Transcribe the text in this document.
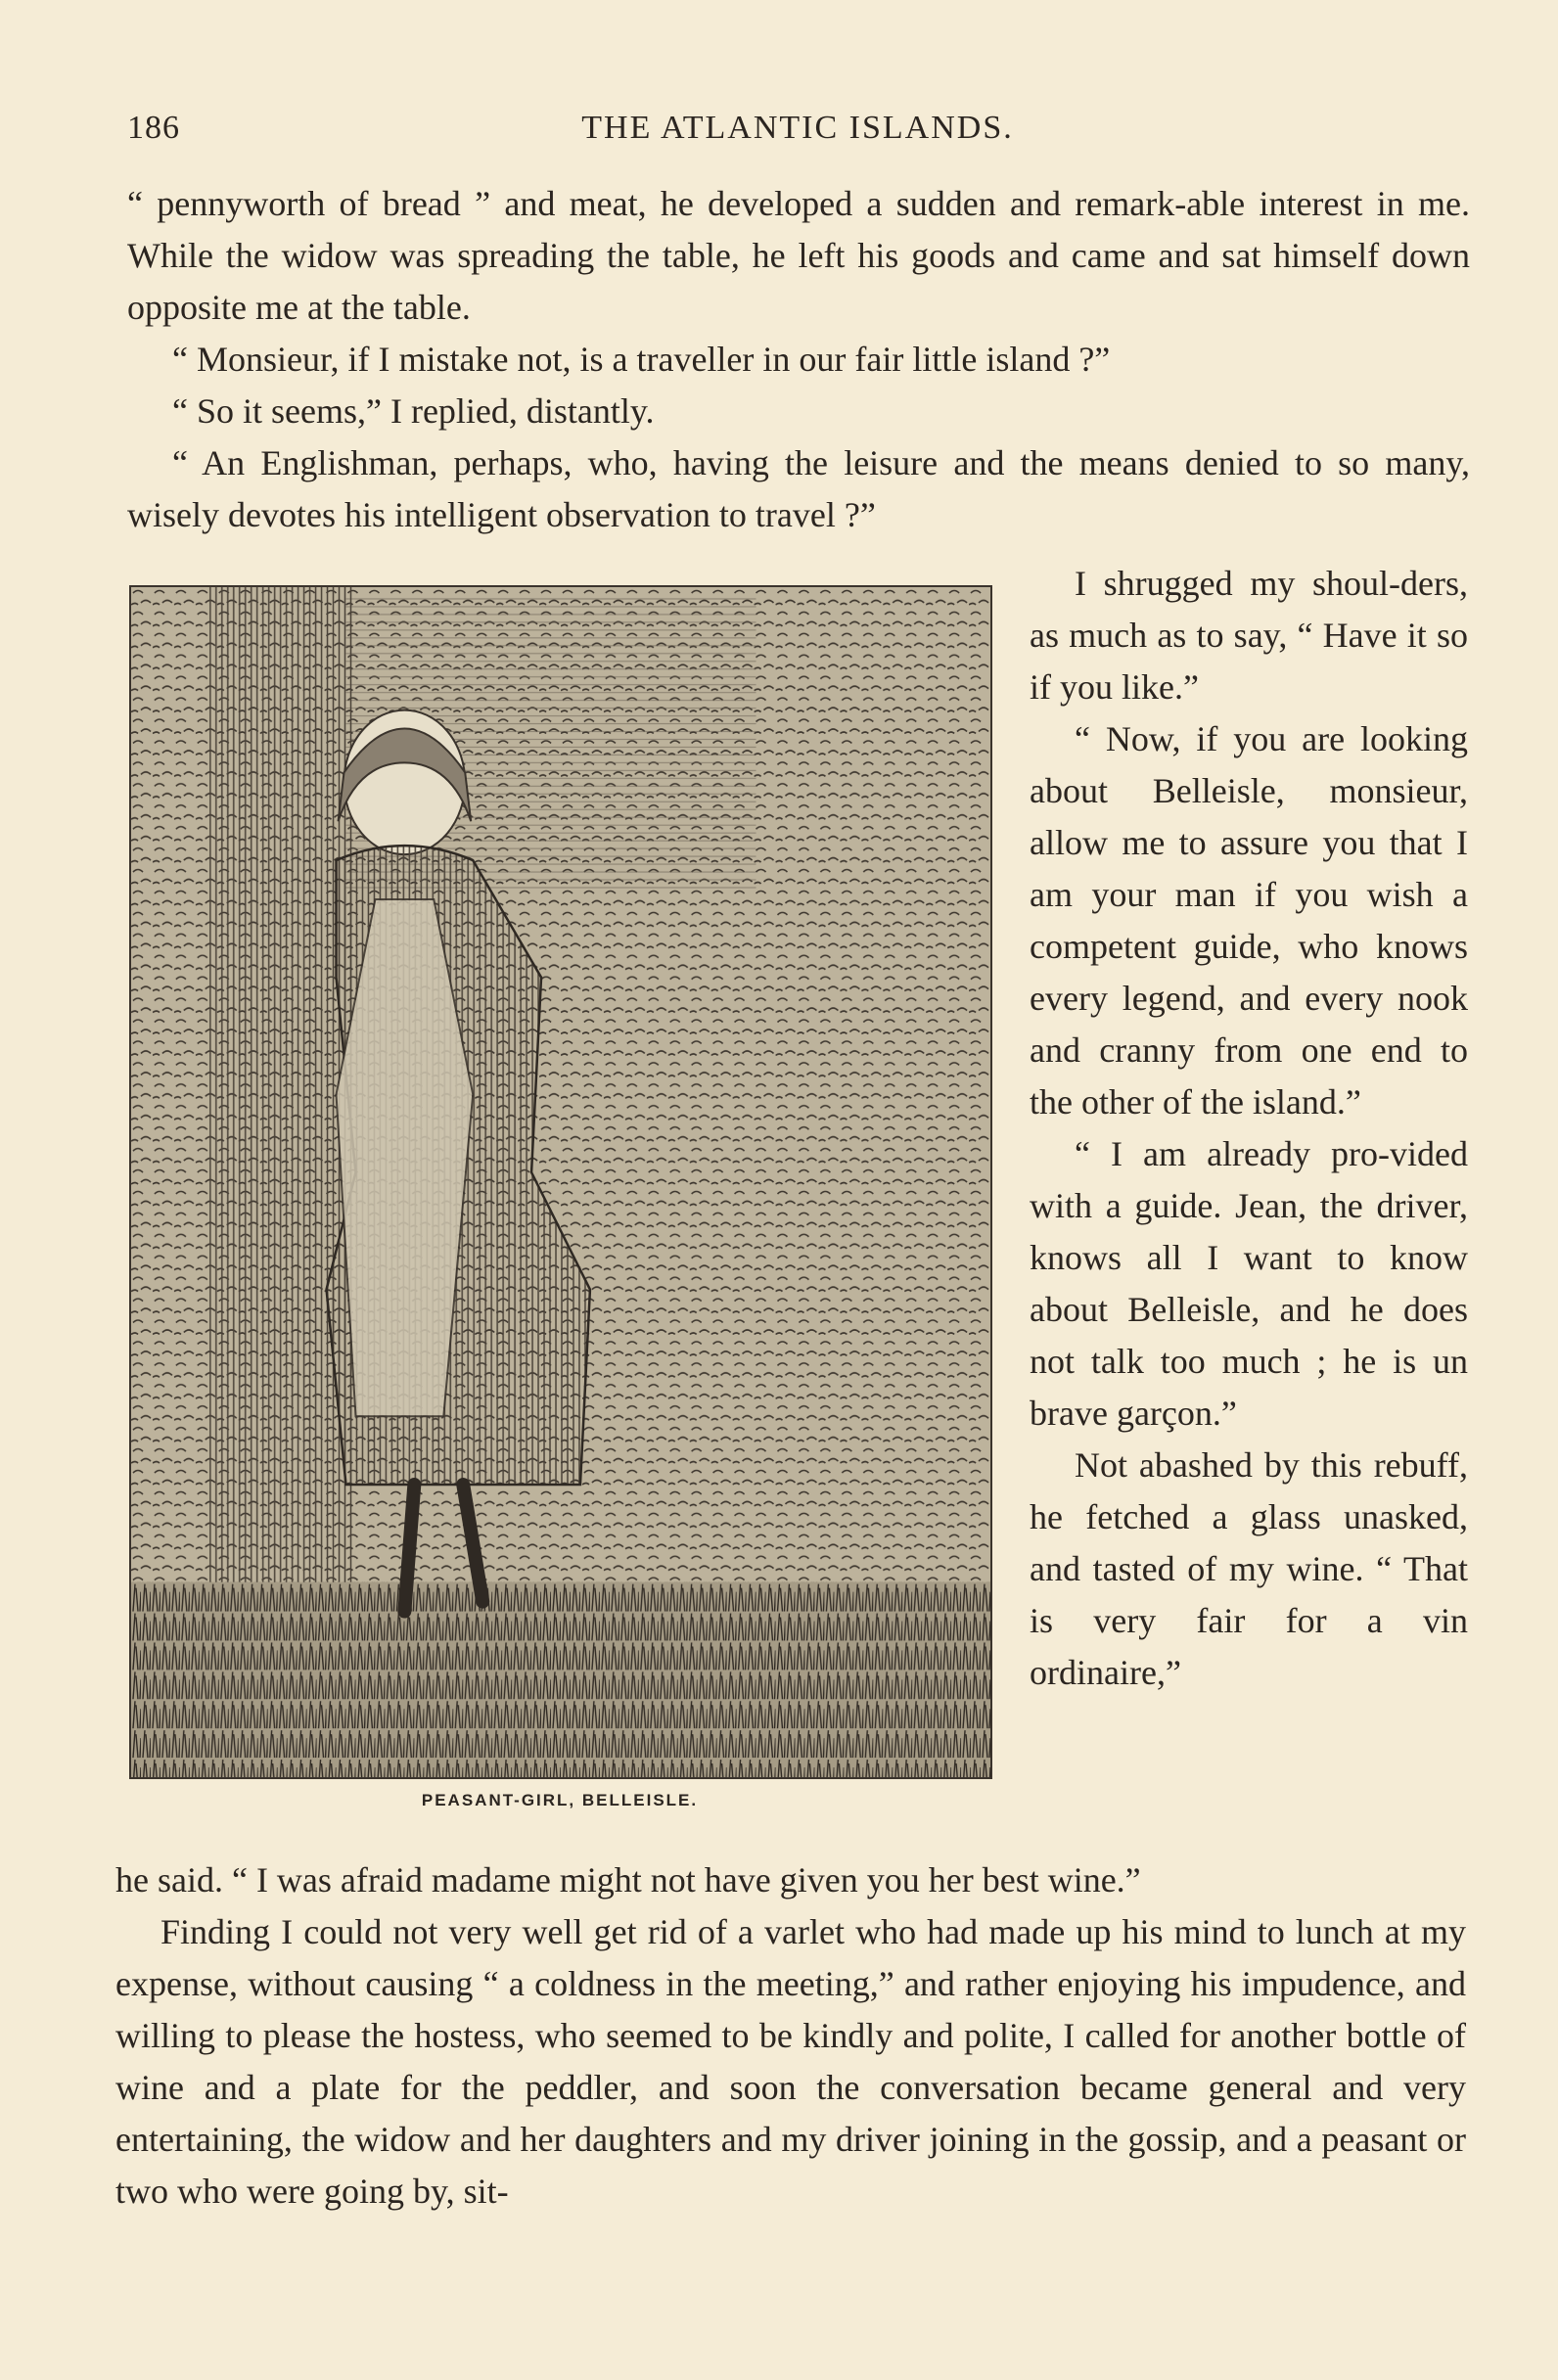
186	THE ATLANTIC ISLANDS.

“ pennyworth of bread ” and meat, he developed a sudden and remark-able interest in me. While the widow was spreading the table, he left his goods and came and sat himself down opposite me at the table.

“ Monsieur, if I mistake not, is a traveller in our fair little island ?”

“ So it seems,” I replied, distantly.

“ An Englishman, perhaps, who, having the leisure and the means denied to so many, wisely devotes his intelligent observation to travel ?”

PEASANT-GIRL, BELLEISLE.

I shrugged my shoul-ders, as much as to say, “ Have it so if you like.”

“ Now, if you are looking about Belleisle, monsieur, allow me to assure you that I am your man if you wish a competent guide, who knows every legend, and every nook and cranny from one end to the other of the island.”

“ I am already pro-vided with a guide. Jean, the driver, knows all I want to know about Belleisle, and he does not talk too much ; he is un brave garçon.”

Not abashed by this rebuff, he fetched a glass unasked, and tasted of my wine. “ That is very fair for a vin ordinaire,”

he said. “ I was afraid madame might not have given you her best wine.”

Finding I could not very well get rid of a varlet who had made up his mind to lunch at my expense, without causing “ a coldness in the meeting,” and rather enjoying his impudence, and willing to please the hostess, who seemed to be kindly and polite, I called for another bottle of wine and a plate for the peddler, and soon the conversation became general and very entertaining, the widow and her daughters and my driver joining in the gossip, and a peasant or two who were going by, sit-
